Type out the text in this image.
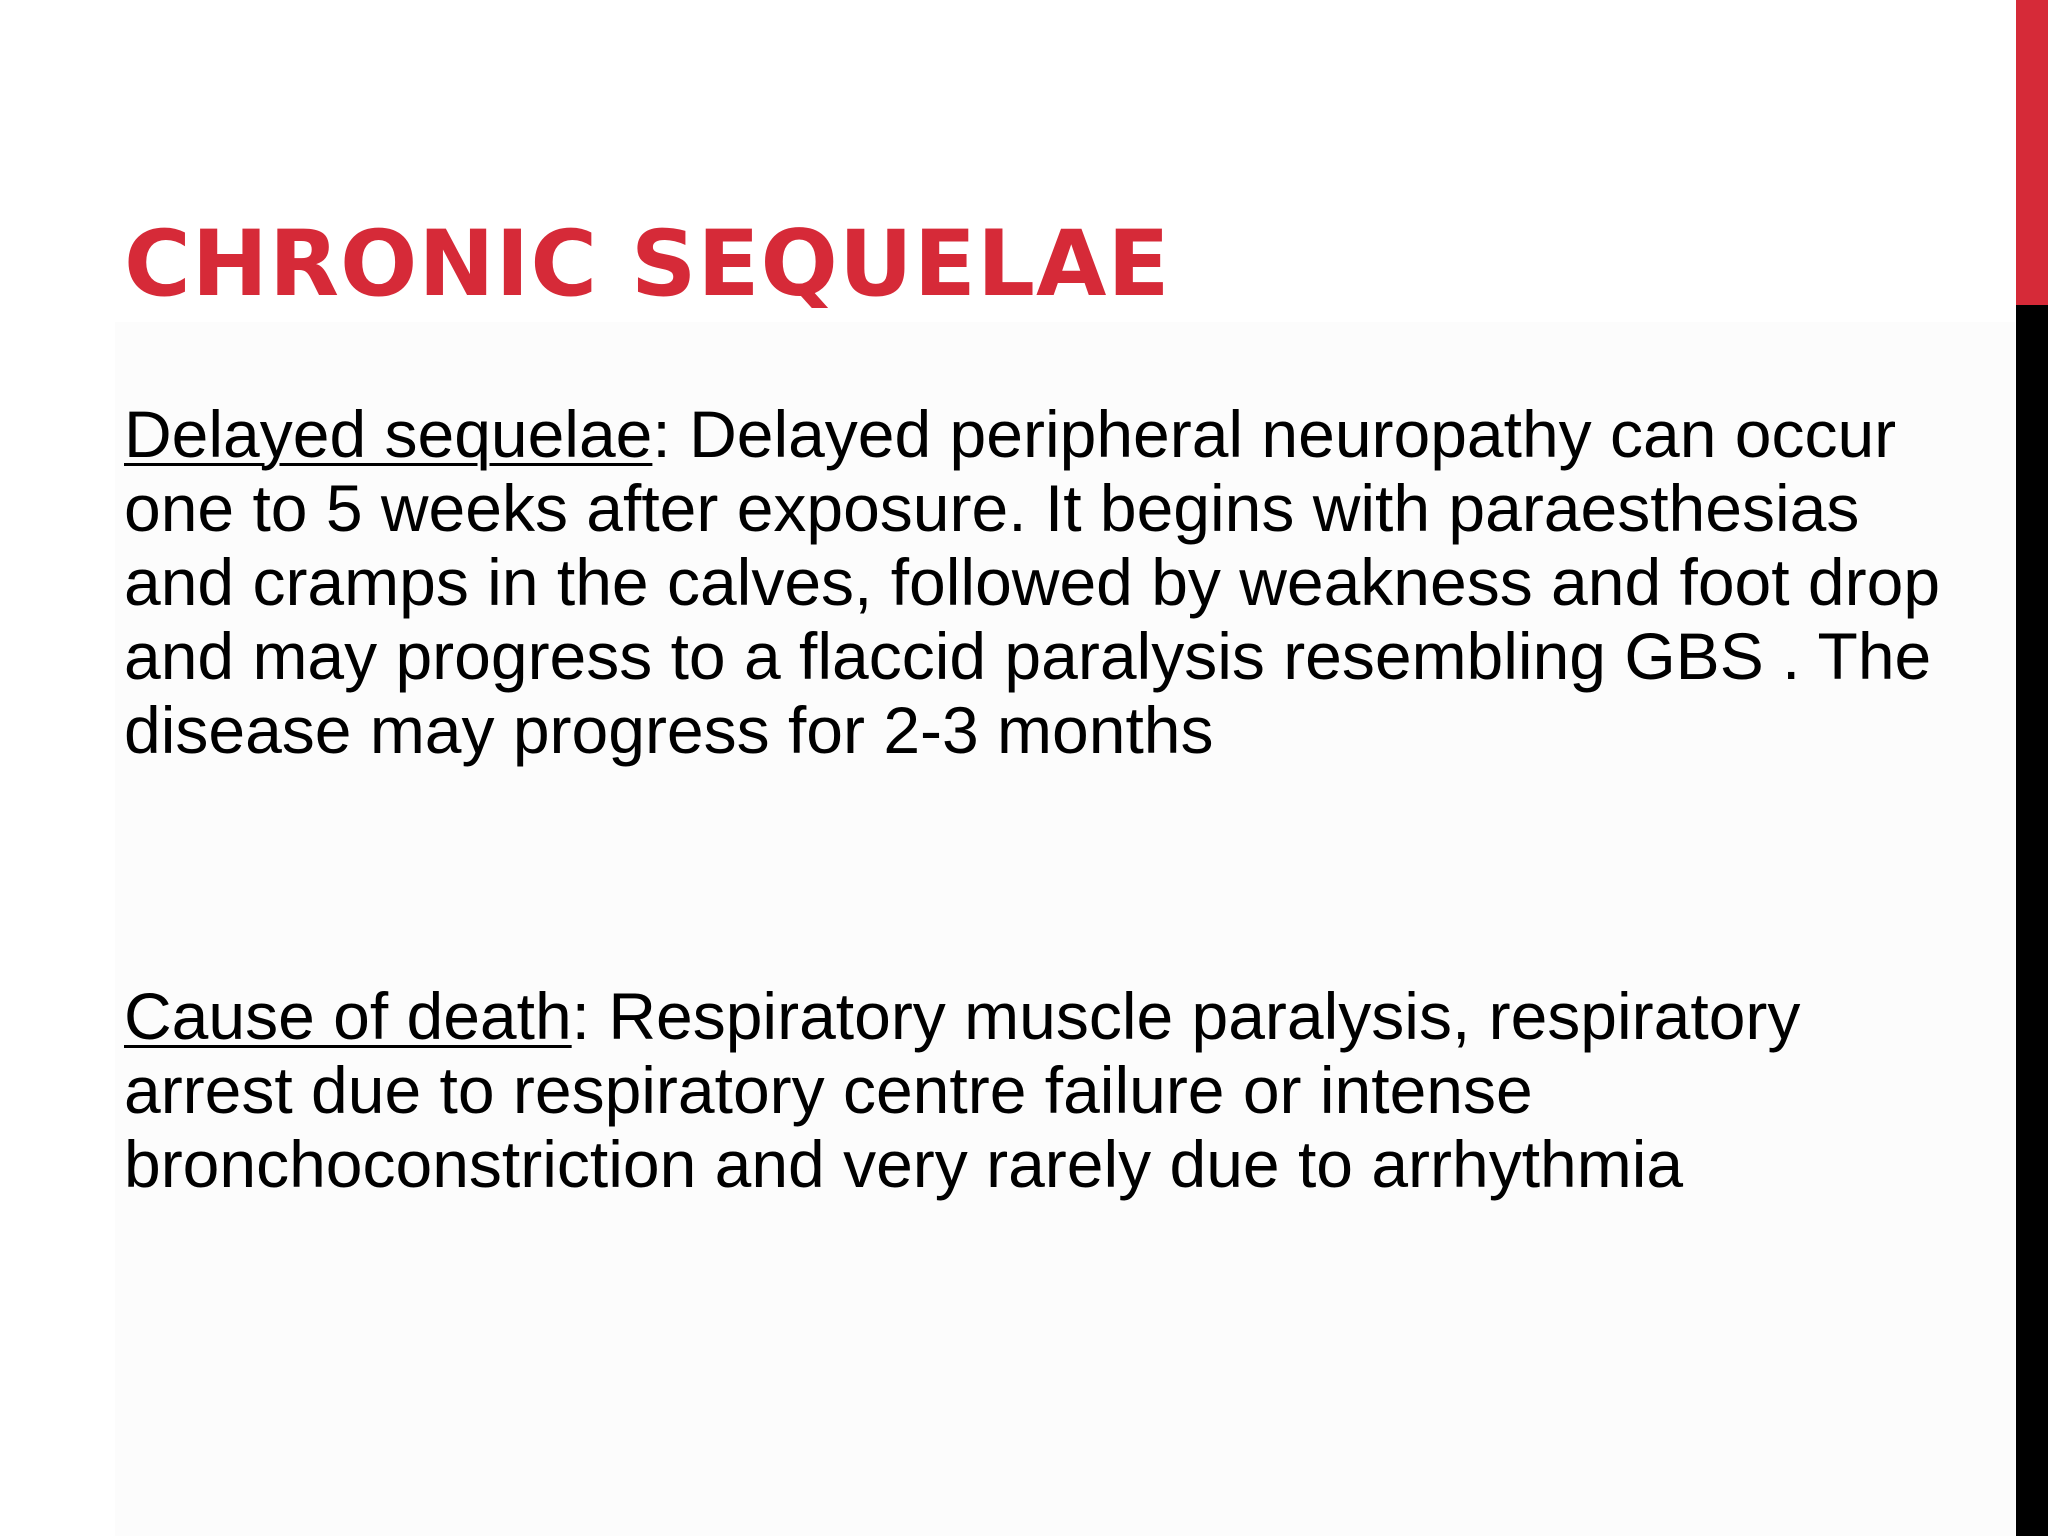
CHRONIC SEQUELAE

Delayed sequelae: Delayed peripheral neuropathy can occur one to 5 weeks after exposure. It begins with paraesthesias and cramps in the calves, followed by weakness and foot drop and may progress to a flaccid paralysis resembling GBS . The disease may progress for 2-3 months

Cause of death: Respiratory muscle paralysis, respiratory arrest due to respiratory centre failure or intense bronchoconstriction and very rarely due to arrhythmia
